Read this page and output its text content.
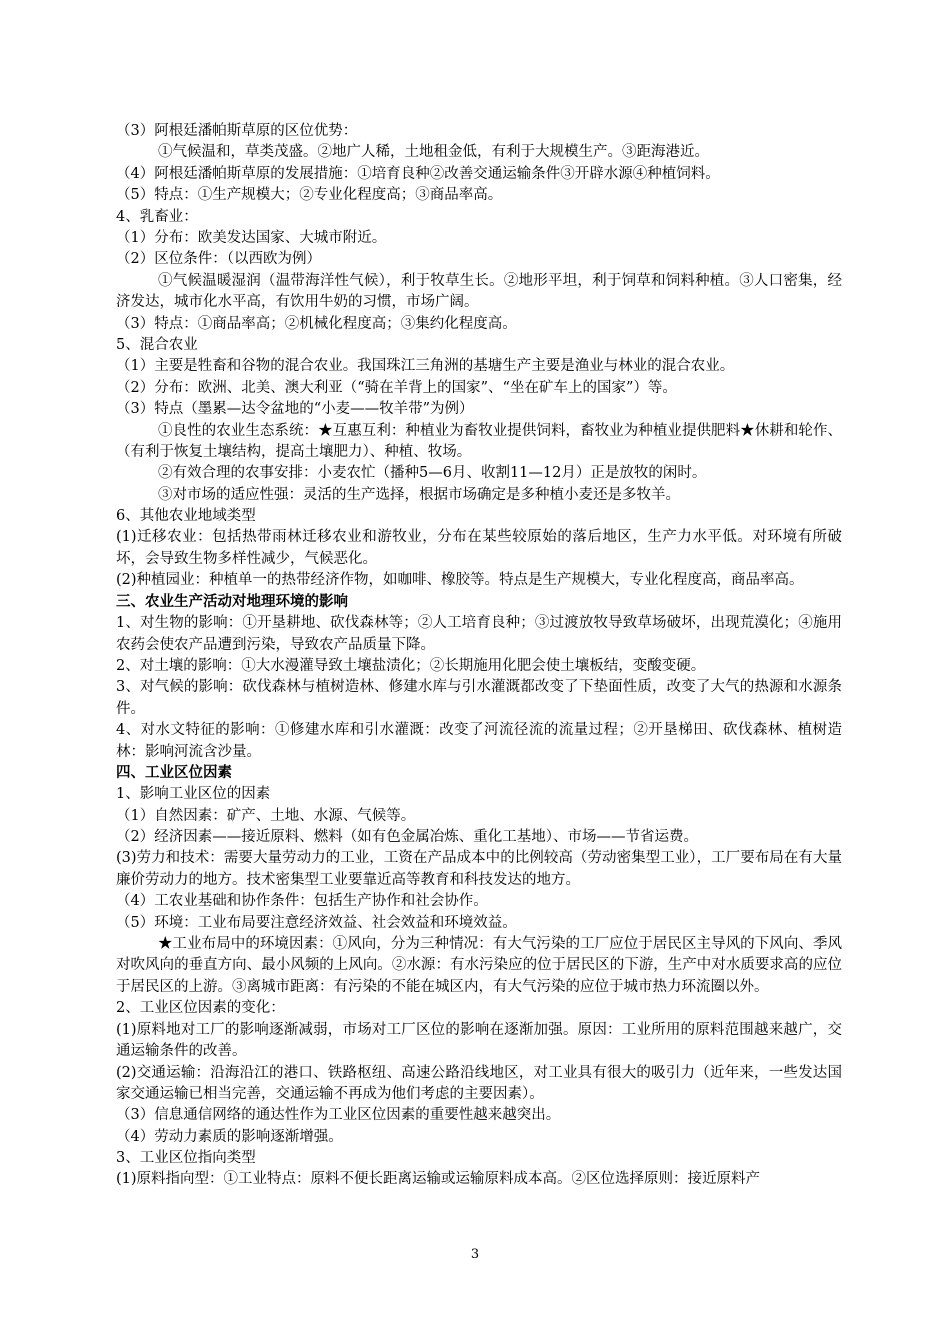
（3）阿根廷潘帕斯草原的区位优势：
①气候温和，草类茂盛。②地广人稀，土地租金低，有利于大规模生产。③距海港近。
（4）阿根廷潘帕斯草原的发展措施：①培育良种②改善交通运输条件③开辟水源④种植饲料。
（5）特点：①生产规模大；②专业化程度高；③商品率高。
4、乳畜业：
（1）分布：欧美发达国家、大城市附近。
（2）区位条件：（以西欧为例）
①气候温暖湿润（温带海洋性气候），利于牧草生长。②地形平坦，利于饲草和饲料种植。③人口密集，经济发达，城市化水平高，有饮用牛奶的习惯，市场广阔。
（3）特点：①商品率高；②机械化程度高；③集约化程度高。
5、混合农业
（1）主要是牲畜和谷物的混合农业。我国珠江三角洲的基塘生产主要是渔业与林业的混合农业。
（2）分布：欧洲、北美、澳大利亚（“骑在羊背上的国家”、“坐在矿车上的国家”）等。
（3）特点（墨累—达令盆地的“小麦——牧羊带”为例）
①良性的农业生态系统：★互惠互利：种植业为畜牧业提供饲料，畜牧业为种植业提供肥料★休耕和轮作、（有利于恢复土壤结构，提高土壤肥力）、种植、牧场。
②有效合理的农事安排：小麦农忙（播种5—6月、收割11—12月）正是放牧的闲时。
③对市场的适应性强：灵活的生产选择，根据市场确定是多种植小麦还是多牧羊。
6、其他农业地域类型
(1)迁移农业：包括热带雨林迁移农业和游牧业，分布在某些较原始的落后地区，生产力水平低。对环境有所破坏，会导致生物多样性减少，气候恶化。
(2)种植园业：种植单一的热带经济作物，如咖啡、橡胶等。特点是生产规模大，专业化程度高，商品率高。
三、农业生产活动对地理环境的影响
1、对生物的影响：①开垦耕地、砍伐森林等；②人工培育良种；③过渡放牧导致草场破坏，出现荒漠化；④施用农药会使农产品遭到污染，导致农产品质量下降。
2、对土壤的影响：①大水漫灌导致土壤盐渍化；②长期施用化肥会使土壤板结，变酸变硬。
3、对气候的影响：砍伐森林与植树造林、修建水库与引水灌溉都改变了下垫面性质，改变了大气的热源和水源条件。
4、对水文特征的影响：①修建水库和引水灌溉：改变了河流径流的流量过程；②开垦梯田、砍伐森林、植树造林：影响河流含沙量。
四、工业区位因素
1、影响工业区位的因素
（1）自然因素：矿产、土地、水源、气候等。
（2）经济因素——接近原料、燃料（如有色金属冶炼、重化工基地）、市场——节省运费。
(3)劳力和技术：需要大量劳动力的工业，工资在产品成本中的比例较高（劳动密集型工业），工厂要布局在有大量廉价劳动力的地方。技术密集型工业要靠近高等教育和科技发达的地方。
（4）工农业基础和协作条件：包括生产协作和社会协作。
（5）环境：工业布局要注意经济效益、社会效益和环境效益。
★工业布局中的环境因素：①风向，分为三种情况：有大气污染的工厂应位于居民区主导风的下风向、季风对吹风向的垂直方向、最小风频的上风向。②水源：有水污染应的位于居民区的下游，生产中对水质要求高的应位于居民区的上游。③离城市距离：有污染的不能在城区内，有大气污染的应位于城市热力环流圈以外。
2、工业区位因素的变化：
(1)原料地对工厂的影响逐渐减弱，市场对工厂区位的影响在逐渐加强。原因：工业所用的原料范围越来越广，交通运输条件的改善。
(2)交通运输：沿海沿江的港口、铁路枢纽、高速公路沿线地区，对工业具有很大的吸引力（近年来，一些发达国家交通运输已相当完善，交通运输不再成为他们考虑的主要因素）。
（3）信息通信网络的通达性作为工业区位因素的重要性越来越突出。
（4）劳动力素质的影响逐渐增强。
3、工业区位指向类型
(1)原料指向型：①工业特点：原料不便长距离运输或运输原料成本高。②区位选择原则：接近原料产
3
